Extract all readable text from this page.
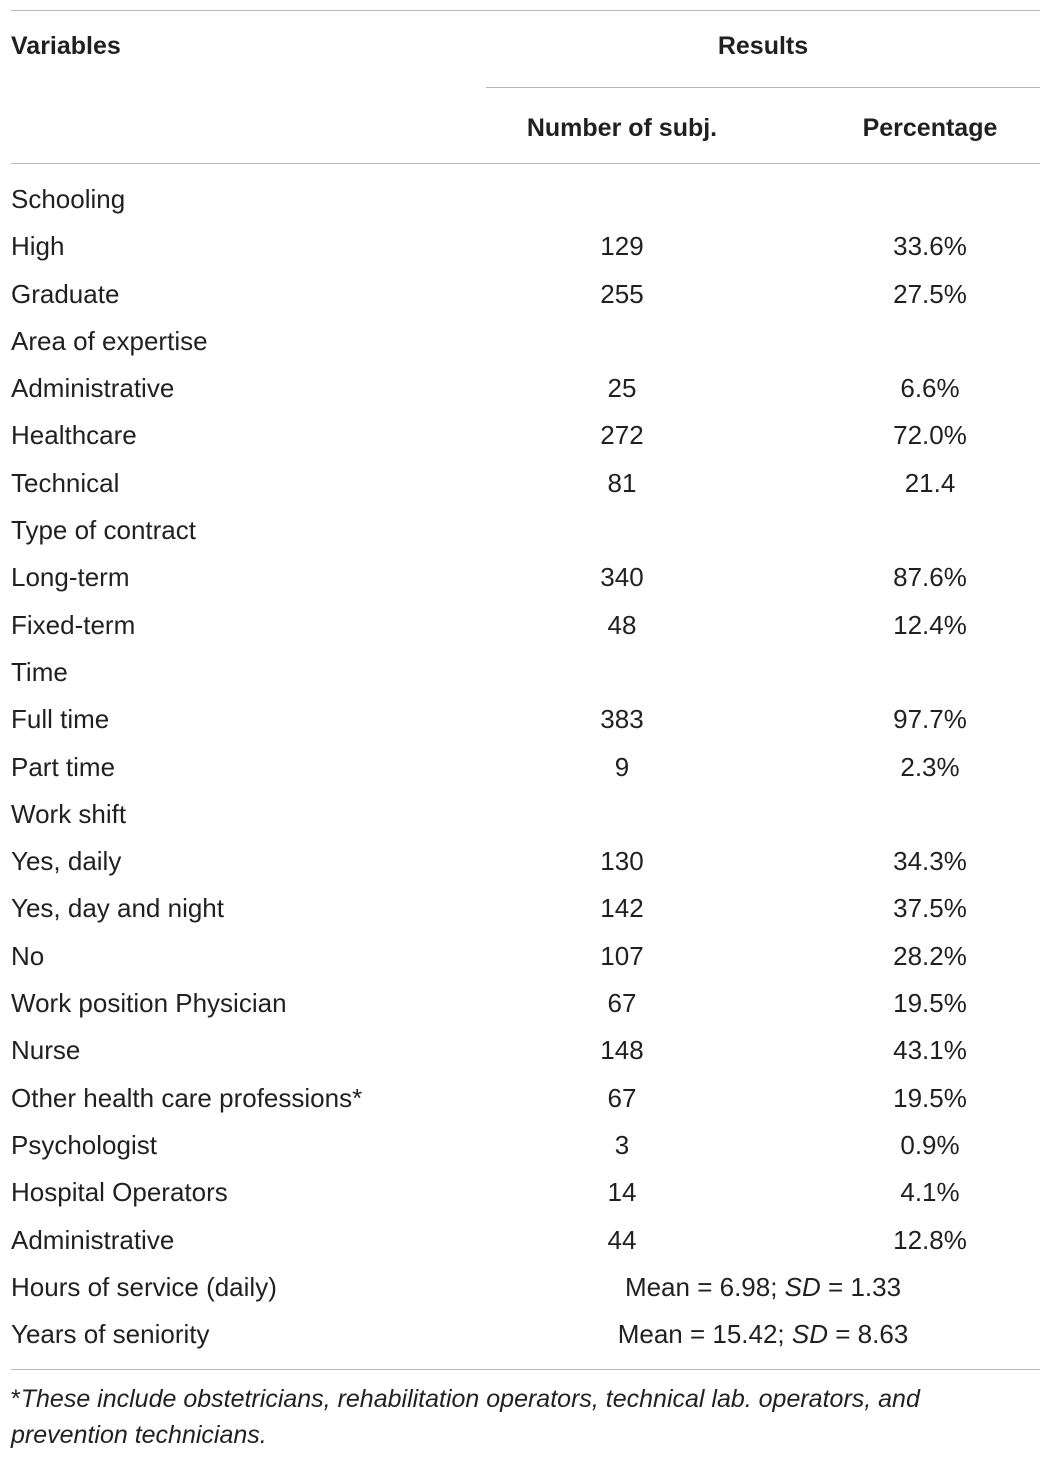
Variables	Results
Number of subj.	Percentage
Schooling
High	129	33.6%
Graduate	255	27.5%
Area of expertise
Administrative	25	6.6%
Healthcare	272	72.0%
Technical	81	21.4
Type of contract
Long-term	340	87.6%
Fixed-term	48	12.4%
Time
Full time	383	97.7%
Part time	9	2.3%
Work shift
Yes, daily	130	34.3%
Yes, day and night	142	37.5%
No	107	28.2%
Work position Physician	67	19.5%
Nurse	148	43.1%
Other health care professions*	67	19.5%
Psychologist	3	0.9%
Hospital Operators	14	4.1%
Administrative	44	12.8%
Hours of service (daily)	Mean = 6.98; SD = 1.33
Years of seniority	Mean = 15.42; SD = 8.63
*These include obstetricians, rehabilitation operators, technical lab. operators, and prevention technicians.
